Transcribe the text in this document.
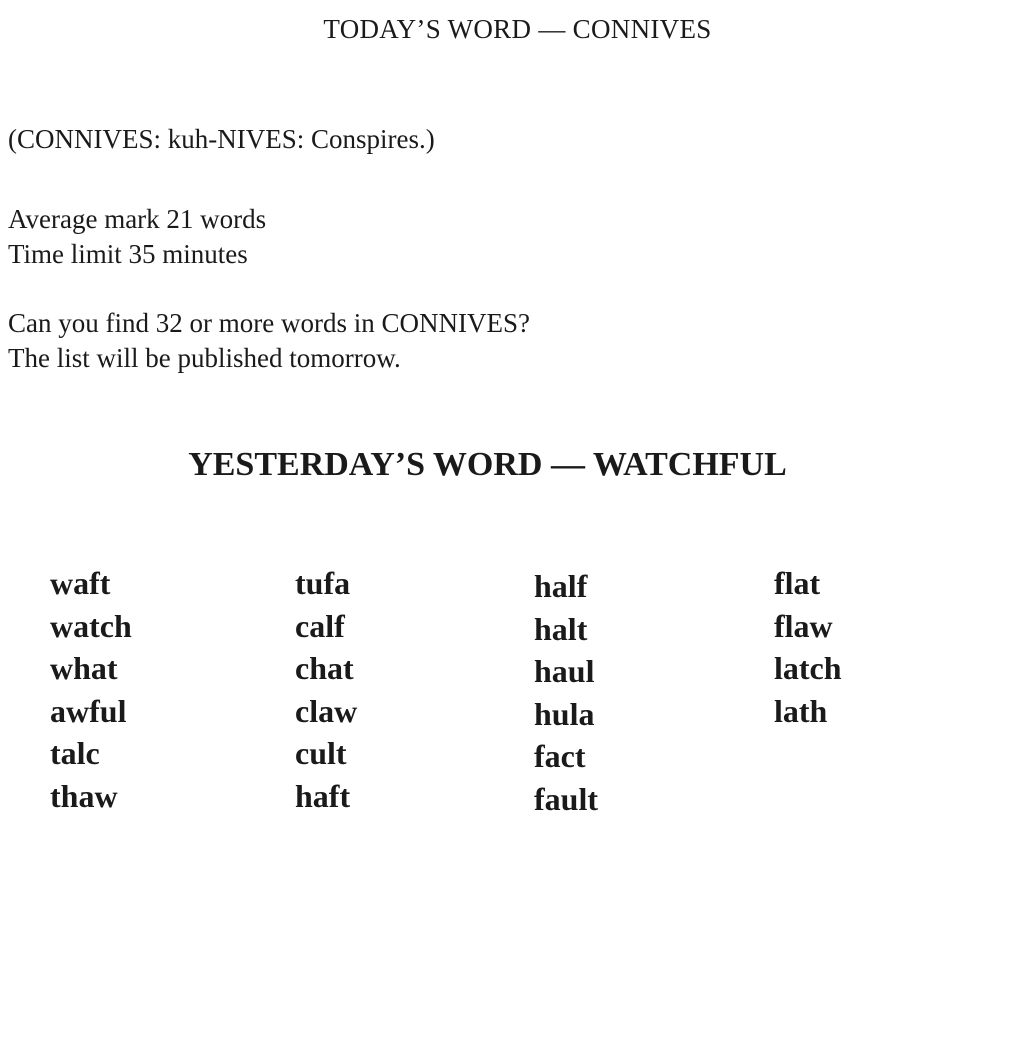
TODAY’S WORD — CONNIVES
(CONNIVES: kuh-NIVES: Conspires.)
Average mark 21 words
Time limit 35 minutes
Can you find 32 or more words in CONNIVES?
The list will be published tomorrow.
YESTERDAY’S WORD — WATCHFUL
waft
watch
what
awful
talc
thaw
tufa
calf
chat
claw
cult
haft
half
halt
haul
hula
fact
fault
flat
flaw
latch
lath
